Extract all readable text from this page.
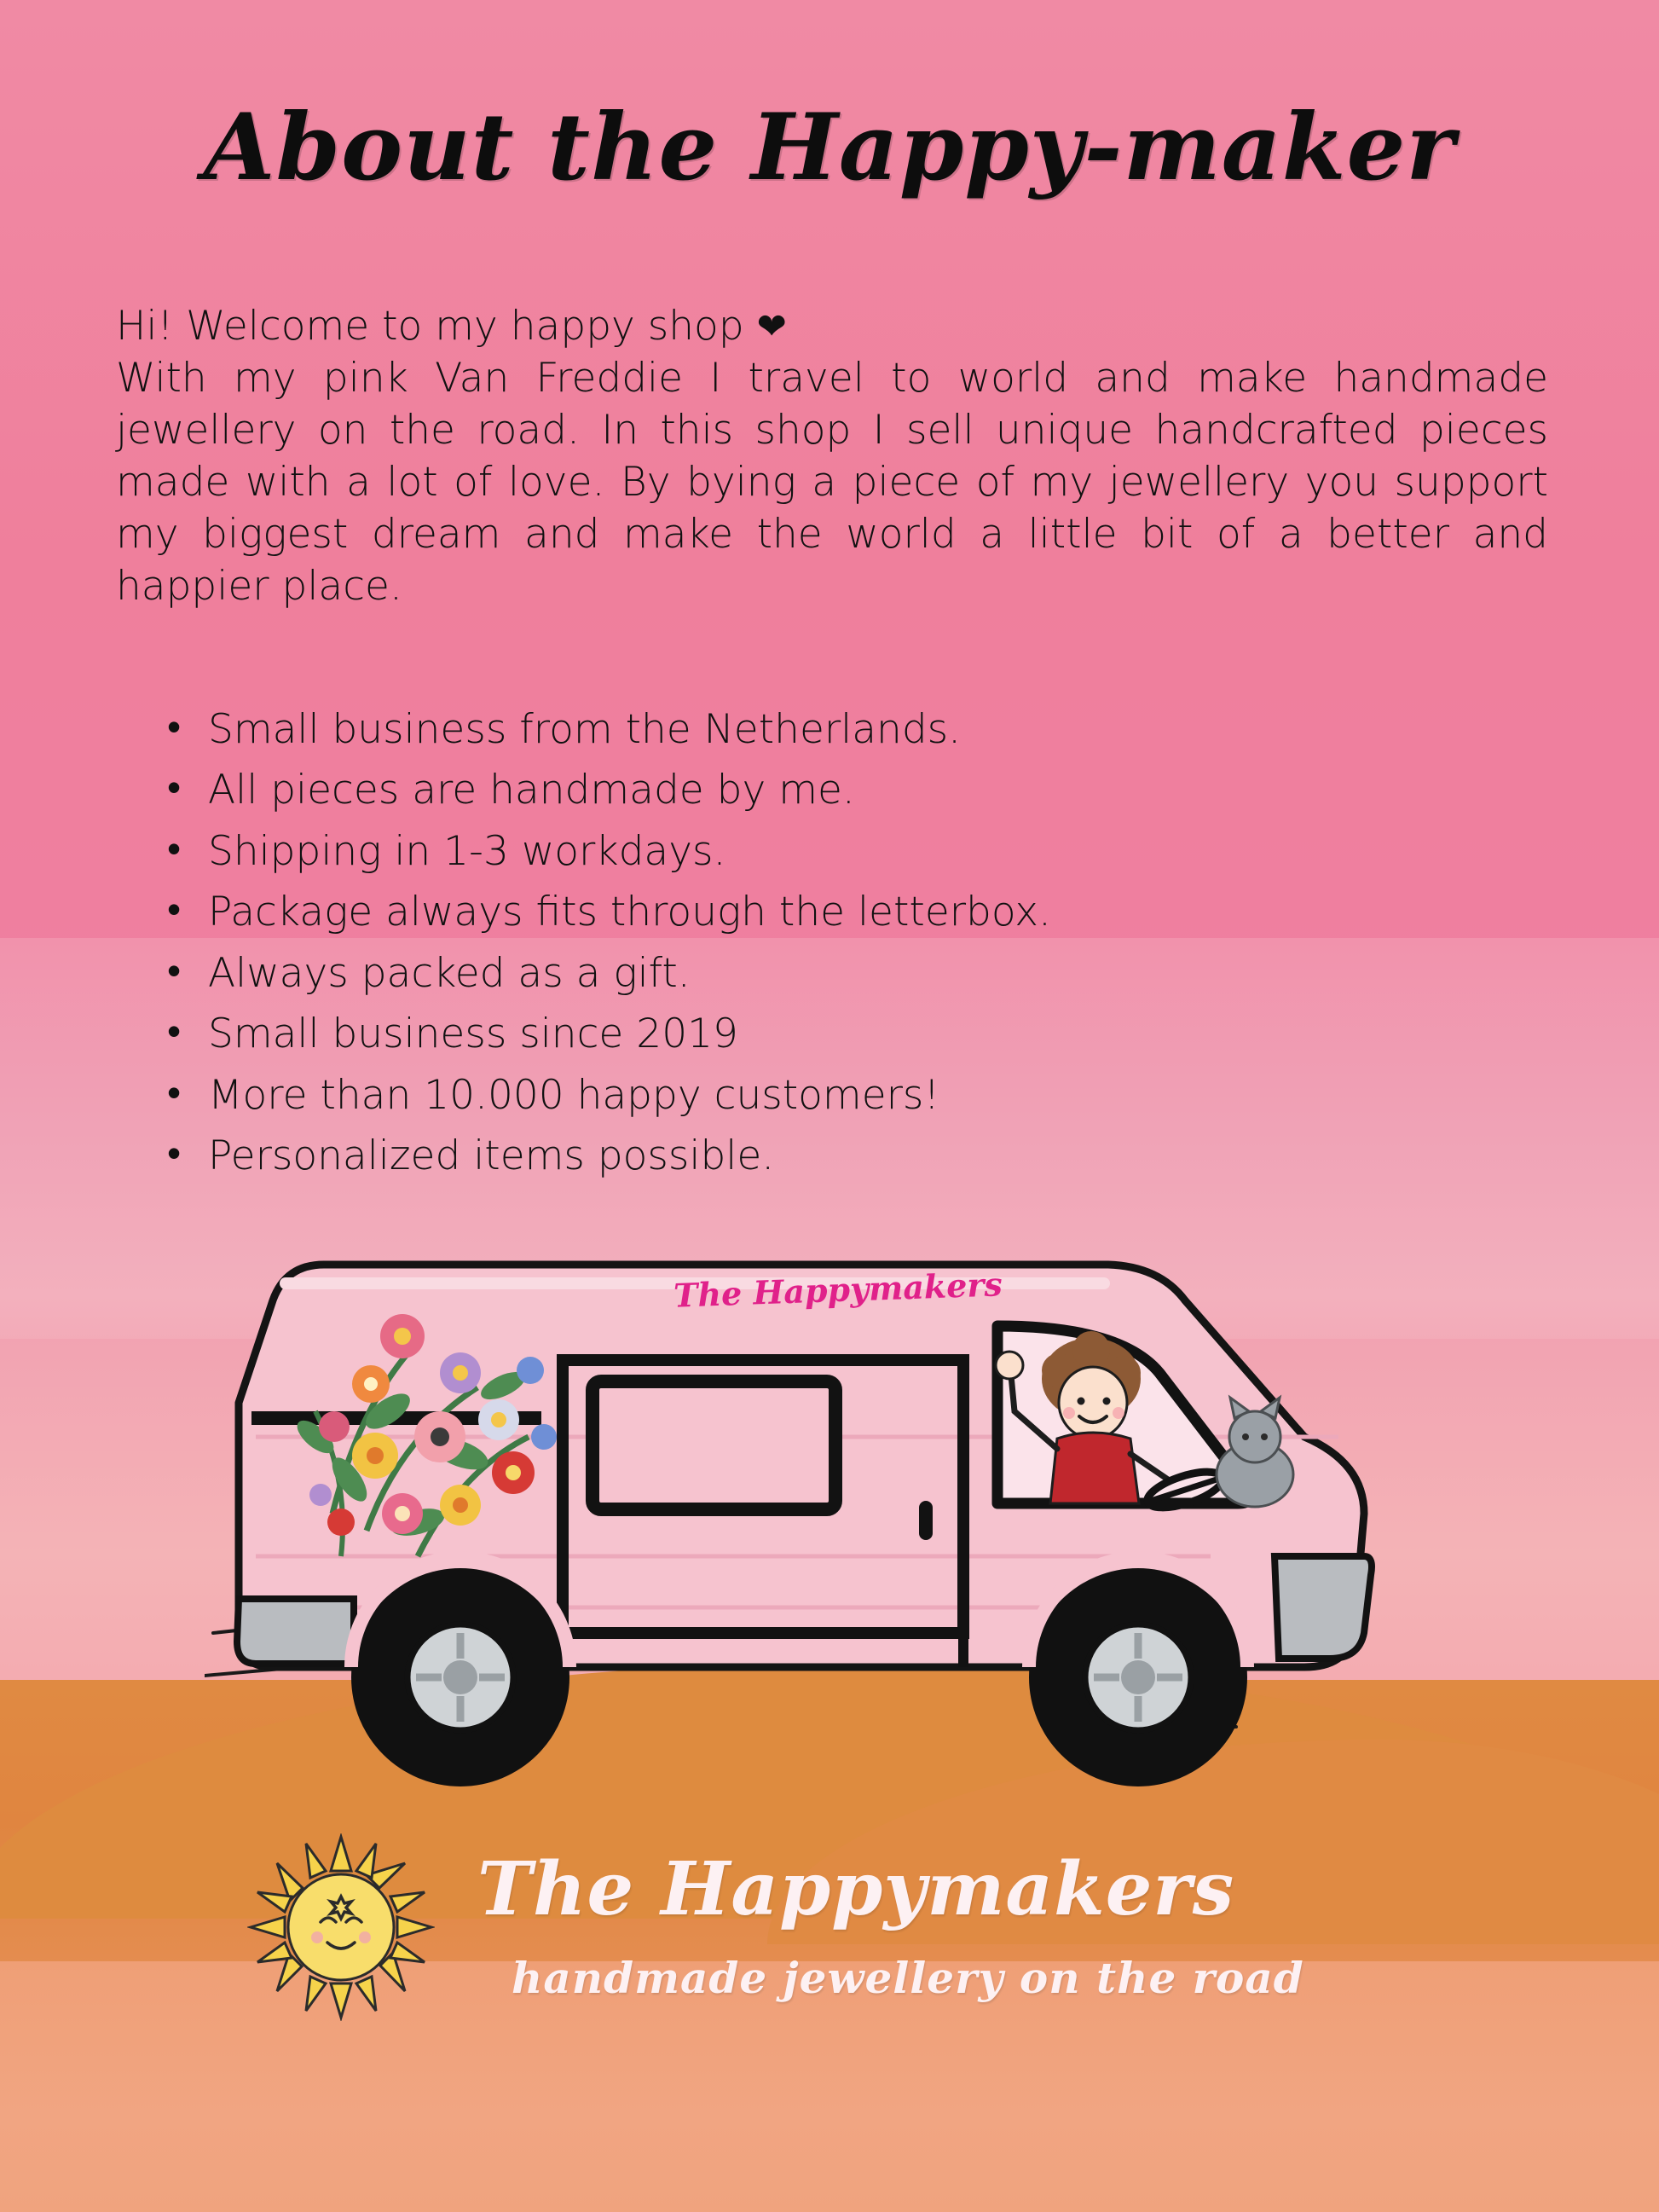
About the Happy-maker
Hi! Welcome to my happy shop ❤

With my pink Van Freddie I travel to world and make handmade jewellery on the road. In this shop I sell unique handcrafted pieces made with a lot of love. By bying a piece of my jewellery you support my biggest dream and make the world a little bit of a better and happier place.

• Small business from the Netherlands.
• All pieces are handmade by me.
• Shipping in 1-3 workdays.
• Package always fits through the letterbox.
• Always packed as a gift.
• Small business since 2019
• More than 10.000 happy customers!
• Personalized items possible.
The Happymakers
The Happymakers
handmade jewellery on the road
